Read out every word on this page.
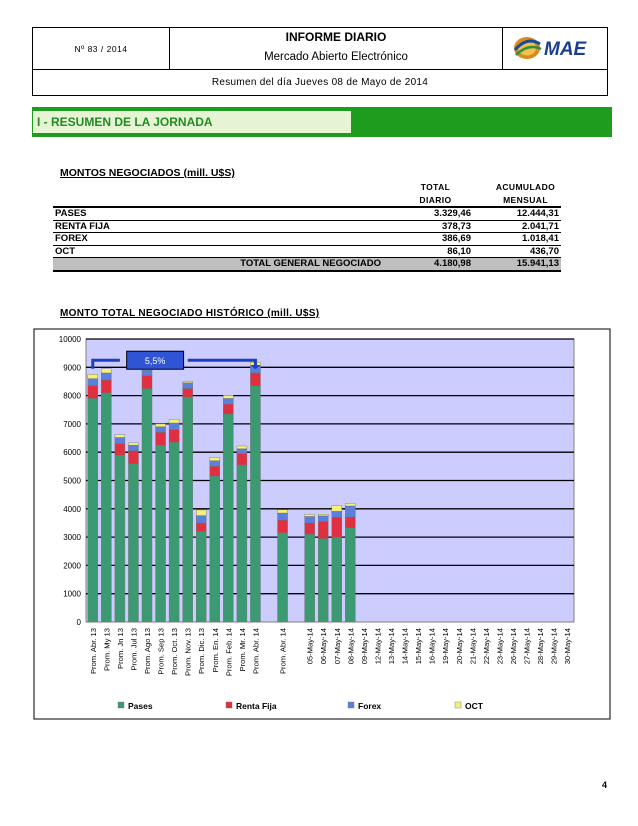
Nº 83 / 2014
INFORME DIARIO
Mercado Abierto Electrónico	MAE
Resumen del día Jueves 08 de Mayo de 2014
I - RESUMEN DE LA JORNADA
MONTOS NEGOCIADOS (mill. U$S)
TOTAL
DIARIO
ACUMULADO
MENSUAL
PASES	3.329,46	12.444,31
RENTA FIJA	378,73	2.041,71
FOREX	386,69	1.018,41
OCT	86,10	436,70
TOTAL GENERAL NEGOCIADO	4.180,98	15.941,13
MONTO TOTAL NEGOCIADO HISTÓRICO (mill. U$S)
0
1000
2000
3000
4000
5000
6000
7000
8000
9000
10000
Prom. Abr. 13 Prom. My 13 Prom. Jn 13 Prom. Jul 13 Prom. Ago 13 Prom. Sep 13 Prom. Oct. 13 Prom. Nov. 13 Prom. Dic. 13 Prom. En. 14 Prom. Feb. 14 Prom. Mr. 14 Prom. Abr. 14 Prom. Abr. 14 05-May-14 06-May-14 07-May-14 08-May-14 09-May-14 12-May-14 13-May-14 14-May-14 15-May-14 16-May-14 19-May-14 20-May-14 21-May-14 22-May-14 23-May-14 26-May-14 27-May-14 28-May-14 29-May-14 30-May-14
5,5%
Pases	Renta Fija	Forex	OCT
4
